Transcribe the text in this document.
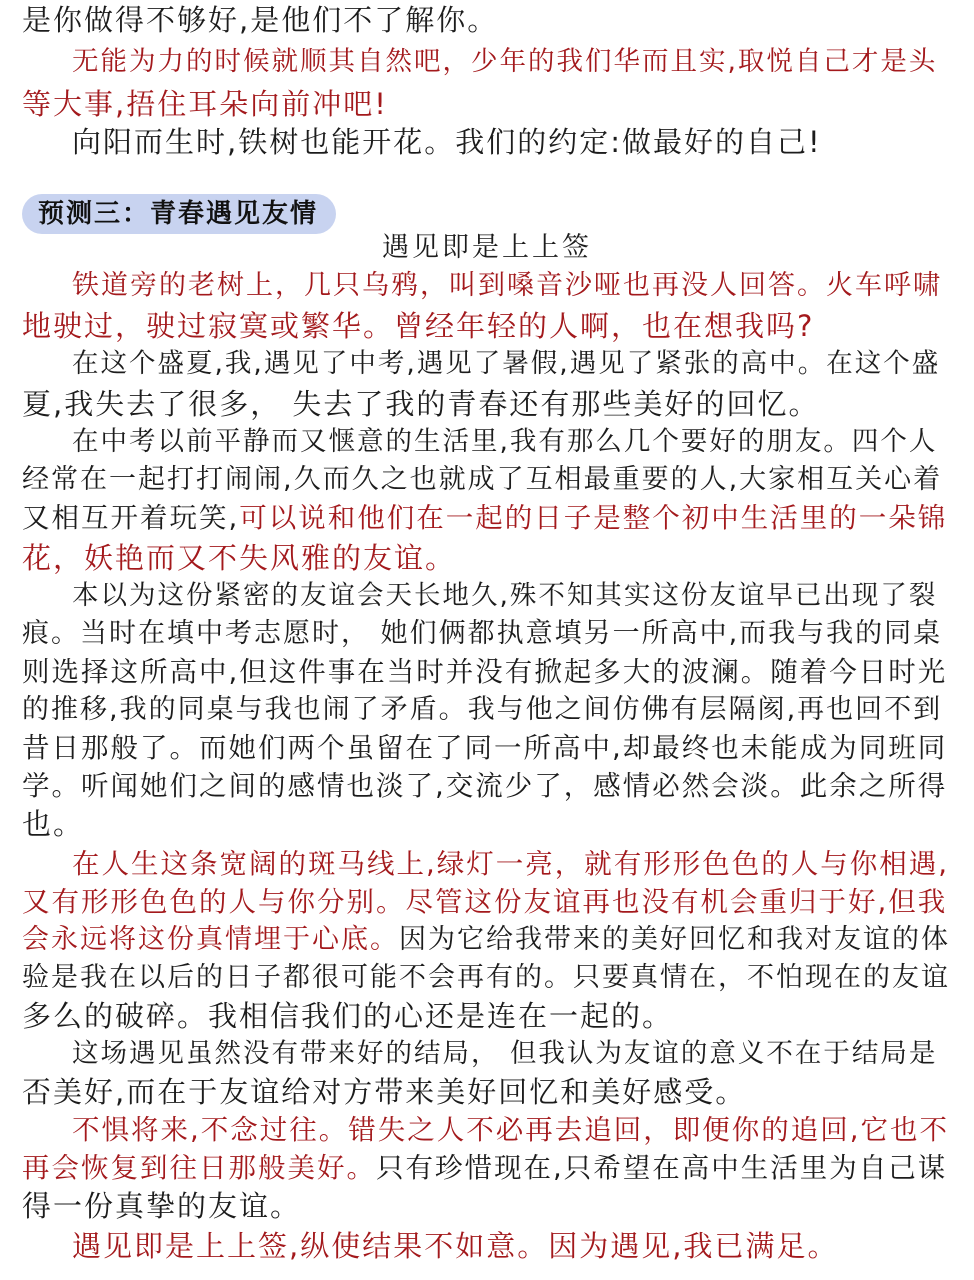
是你做得不够好,是他们不了解你。
无能为力的时候就顺其自然吧，少年的我们华而且实,取悦自己才是头
等大事,捂住耳朵向前冲吧!
向阳而生时,铁树也能开花。我们的约定:做最好的自己!
预测三：青春遇见友情
遇见即是上上签
铁道旁的老树上，几只乌鸦，叫到嗓音沙哑也再没人回答。火车呼啸
地驶过，驶过寂寞或繁华。曾经年轻的人啊，也在想我吗?
在这个盛夏,我,遇见了中考,遇见了暑假,遇见了紧张的高中。在这个盛
夏,我失去了很多， 失去了我的青春还有那些美好的回忆。
在中考以前平静而又惬意的生活里,我有那么几个要好的朋友。四个人
经常在一起打打闹闹,久而久之也就成了互相最重要的人,大家相互关心着
又相互开着玩笑,可以说和他们在一起的日子是整个初中生活里的一朵锦
花，妖艳而又不失风雅的友谊。
本以为这份紧密的友谊会天长地久,殊不知其实这份友谊早已出现了裂
痕。当时在填中考志愿时， 她们俩都执意填另一所高中,而我与我的同桌
则选择这所高中,但这件事在当时并没有掀起多大的波澜。随着今日时光
的推移,我的同桌与我也闹了矛盾。我与他之间仿佛有层隔阂,再也回不到
昔日那般了。而她们两个虽留在了同一所高中,却最终也未能成为同班同
学。听闻她们之间的感情也淡了,交流少了，感情必然会淡。此余之所得
也。
在人生这条宽阔的斑马线上,绿灯一亮，就有形形色色的人与你相遇,
又有形形色色的人与你分别。尽管这份友谊再也没有机会重归于好,但我
会永远将这份真情埋于心底。因为它给我带来的美好回忆和我对友谊的体
验是我在以后的日子都很可能不会再有的。只要真情在，不怕现在的友谊
多么的破碎。我相信我们的心还是连在一起的。
这场遇见虽然没有带来好的结局， 但我认为友谊的意义不在于结局是
否美好,而在于友谊给对方带来美好回忆和美好感受。
不惧将来,不念过往。错失之人不必再去追回，即便你的追回,它也不
再会恢复到往日那般美好。只有珍惜现在,只希望在高中生活里为自己谋
得一份真挚的友谊。
遇见即是上上签,纵使结果不如意。因为遇见,我已满足。
